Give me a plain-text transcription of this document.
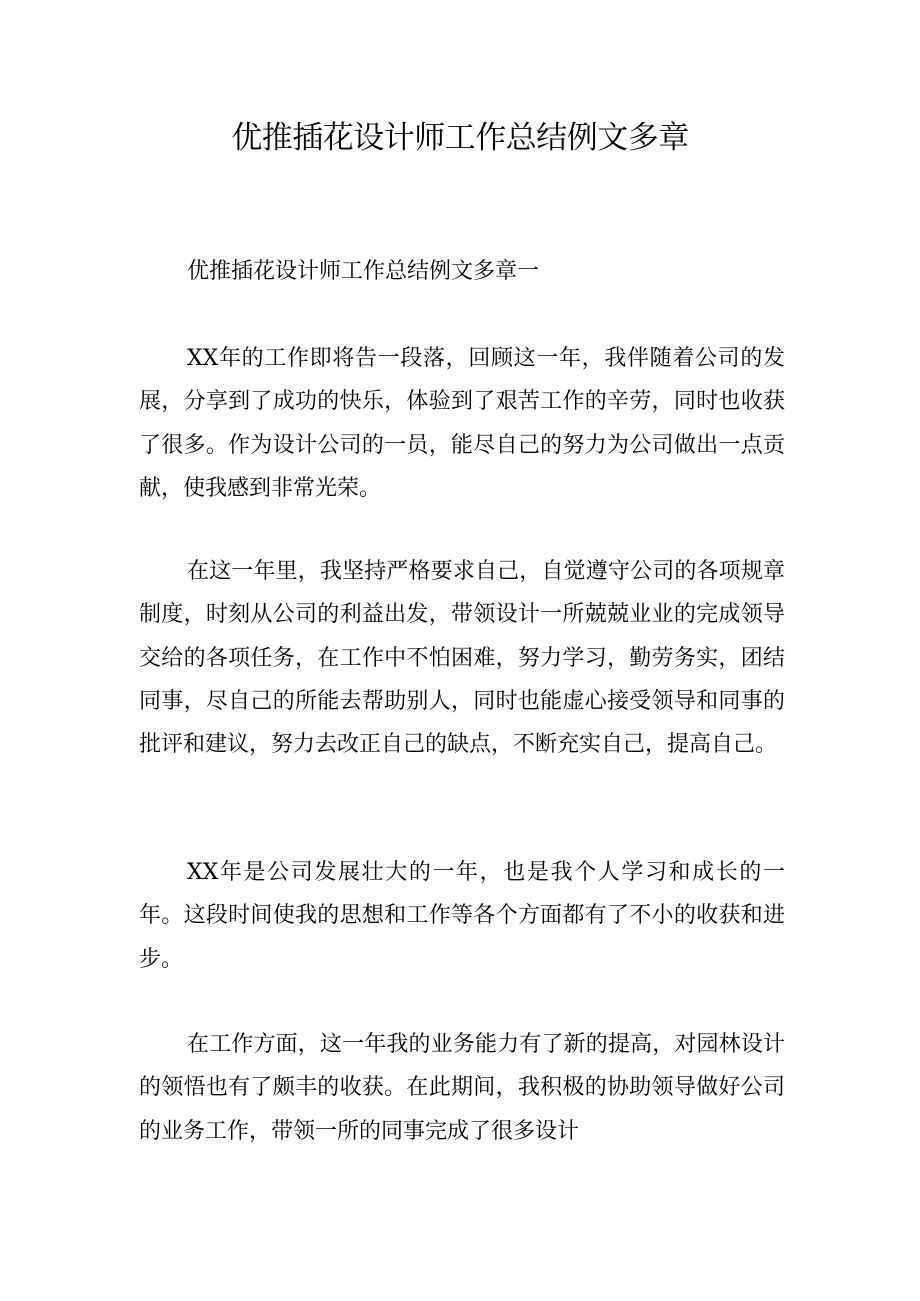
优推插花设计师工作总结例文多章

优推插花设计师工作总结例文多章一

XX年的工作即将告一段落，回顾这一年，我伴随着公司的发展，分享到了成功的快乐，体验到了艰苦工作的辛劳，同时也收获了很多。作为设计公司的一员，能尽自己的努力为公司做出一点贡献，使我感到非常光荣。

在这一年里，我坚持严格要求自己，自觉遵守公司的各项规章制度，时刻从公司的利益出发，带领设计一所兢兢业业的完成领导交给的各项任务，在工作中不怕困难，努力学习，勤劳务实，团结同事，尽自己的所能去帮助别人，同时也能虚心接受领导和同事的批评和建议，努力去改正自己的缺点，不断充实自己，提高自己。

XX年是公司发展壮大的一年，也是我个人学习和成长的一年。这段时间使我的思想和工作等各个方面都有了不小的收获和进步。

在工作方面，这一年我的业务能力有了新的提高，对园林设计的领悟也有了颇丰的收获。在此期间，我积极的协助领导做好公司的业务工作，带领一所的同事完成了很多设计
